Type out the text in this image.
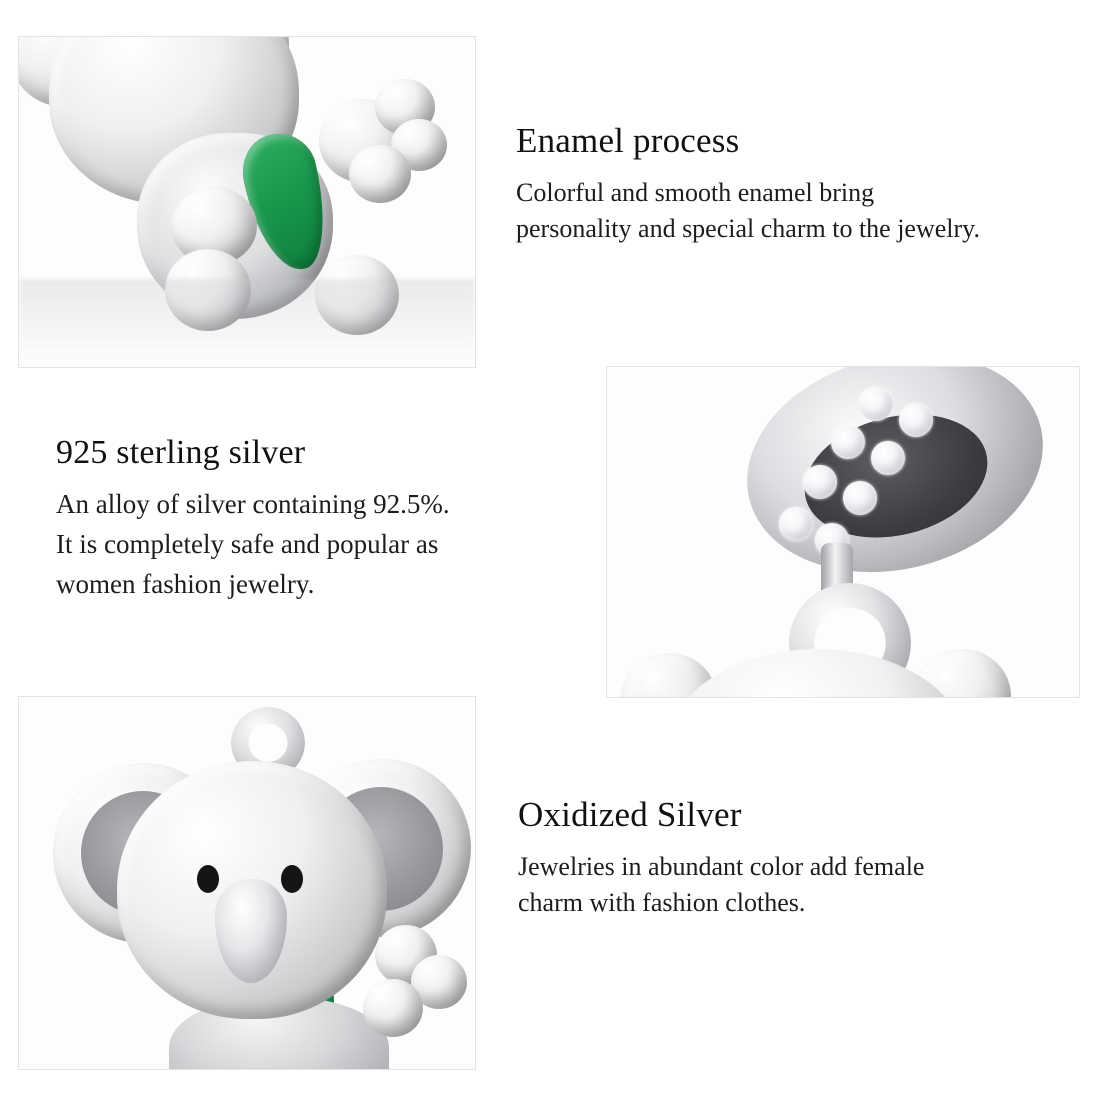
Enamel process

Colorful and smooth enamel bring

personality and special charm to the jewelry.

925 sterling silver

An alloy of silver containing 92.5%.

It is completely safe and popular as

women fashion jewelry.

Oxidized Silver

Jewelries in abundant color add female

charm with fashion clothes.
